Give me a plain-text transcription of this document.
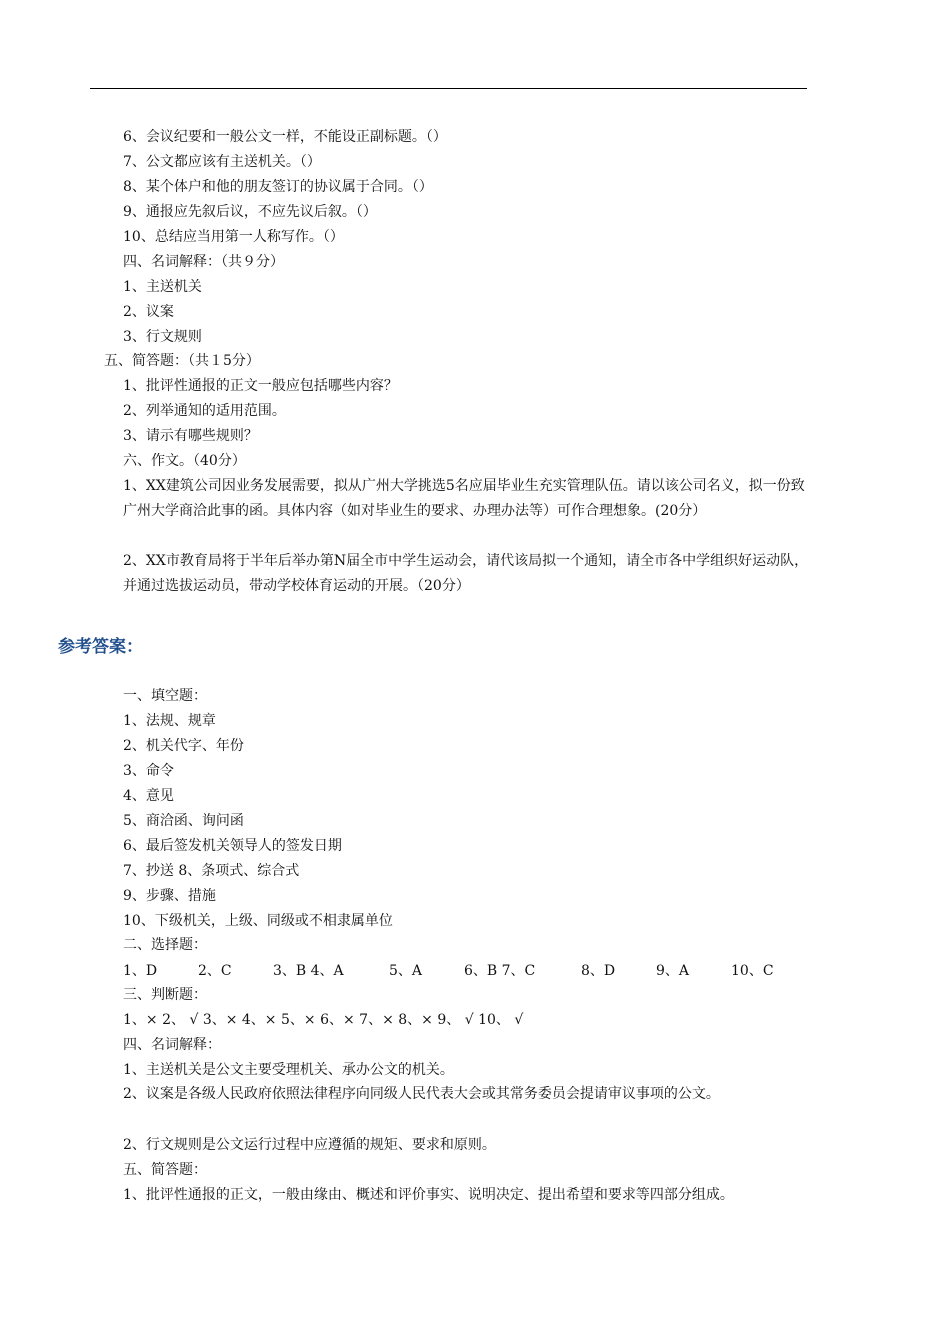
6、会议纪要和一般公文一样，不能设正副标题。（）
7、公文都应该有主送机关。（）
8、某个体户和他的朋友签订的协议属于合同。（）
9、通报应先叙后议，不应先议后叙。（）
10、总结应当用第一人称写作。（）
四、名词解释：（共９分）
1、主送机关
2、议案
3、行文规则
五、简答题：（共１5分）
1、批评性通报的正文一般应包括哪些内容？
2、列举通知的适用范围。
3、请示有哪些规则？
六、作文。（40分）
1、XX建筑公司因业务发展需要，拟从广州大学挑选5名应届毕业生充实管理队伍。请以该公司名义，拟一份致广州大学商洽此事的函。具体内容（如对毕业生的要求、办理办法等）可作合理想象。(20分）
2、XX市教育局将于半年后举办第N届全市中学生运动会，请代该局拟一个通知，请全市各中学组织好运动队，并通过选拔运动员，带动学校体育运动的开展。（20分）
参考答案：
一、填空题：
1、法规、规章
2、机关代字、年份
3、命令
4、意见
5、商洽函、询问函
6、最后签发机关领导人的签发日期
7、抄送 8、条项式、综合式
9、步骤、措施
10、下级机关，上级、同级或不相隶属单位
二、选择题：
1、D	2、C	3、B 4、A	5、A	6、B 7、C	8、D	9、A	10、C
三、判断题：
1、× 2、 √ 3、× 4、× 5、× 6、× 7、× 8、× 9、 √ 10、 √
四、名词解释：
1、主送机关是公文主要受理机关、承办公文的机关。
2、议案是各级人民政府依照法律程序向同级人民代表大会或其常务委员会提请审议事项的公文。
2、行文规则是公文运行过程中应遵循的规矩、要求和原则。
五、简答题：
1、批评性通报的正文，一般由缘由、概述和评价事实、说明决定、提出希望和要求等四部分组成。
